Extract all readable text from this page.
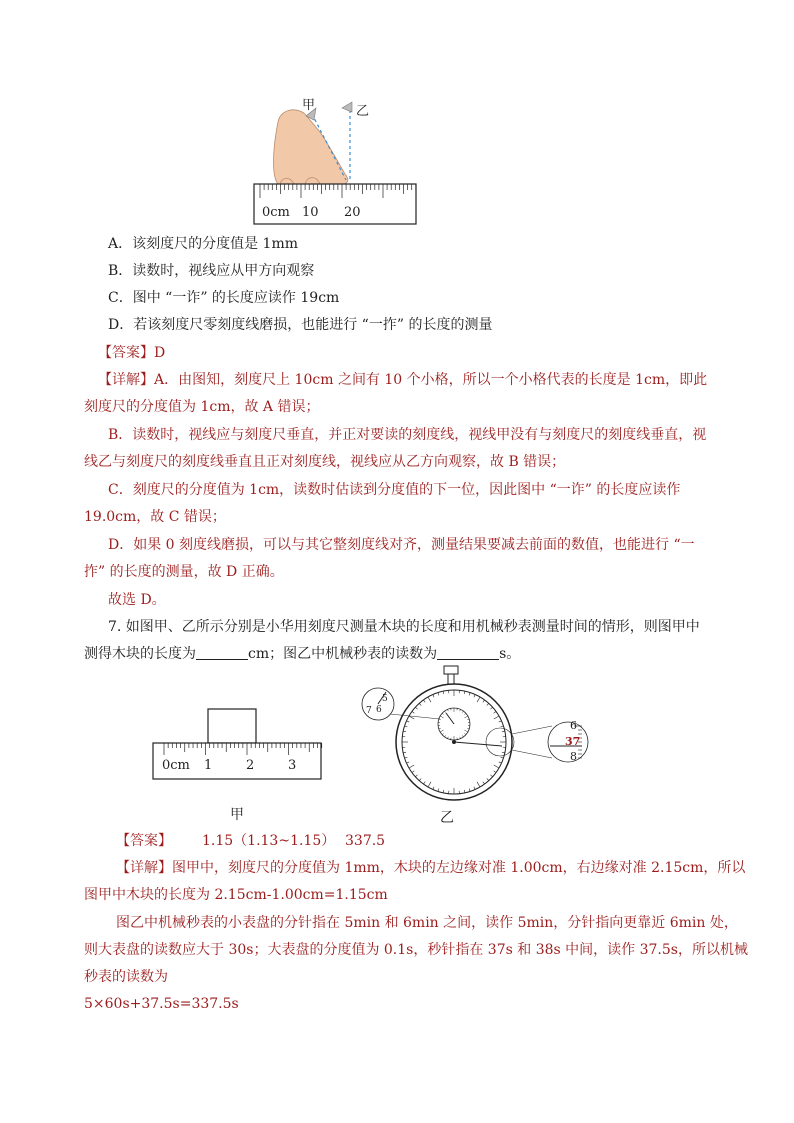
甲	乙
0cm 10 20
A．该刻度尺的分度值是 1mm
B．读数时，视线应从甲方向观察
C．图中 “一诈” 的长度应读作 19cm
D．若该刻度尺零刻度线磨损，也能进行 “一拃” 的长度的测量
【答案】D
【详解】A．由图知，刻度尺上 10cm 之间有 10 个小格，所以一个小格代表的长度是 1cm，即此
刻度尺的分度值为 1cm，故 A 错误；
B．读数时，视线应与刻度尺垂直，并正对要读的刻度线，视线甲没有与刻度尺的刻度线垂直，视
线乙与刻度尺的刻度线垂直且正对刻度线，视线应从乙方向观察，故 B 错误；
C．刻度尺的分度值为 1cm，读数时估读到分度值的下一位，因此图中 “一诈” 的长度应读作
19.0cm，故 C 错误；
D．如果 0 刻度线磨损，可以与其它整刻度线对齐，测量结果要减去前面的数值，也能进行 “一
拃” 的长度的测量，故 D 正确。
故选 D。
7. 如图甲、乙所示分别是小华用刻度尺测量木块的长度和用机械秒表测量时间的情形，则图甲中
测得木块的长度为	cm；图乙中机械秒表的读数为	s。
0cm 1	2	3
甲
5
6
7
6
37
8
乙
【答案】 1.15（1.13~1.15） 337.5
【详解】图甲中，刻度尺的分度值为 1mm，木块的左边缘对准 1.00cm，右边缘对准 2.15cm，所以
图甲中木块的长度为 2.15cm-1.00cm=1.15cm
图乙中机械秒表的小表盘的分针指在 5min 和 6min 之间，读作 5min，分针指向更靠近 6min 处，
则大表盘的读数应大于 30s；大表盘的分度值为 0.1s，秒针指在 37s 和 38s 中间，读作 37.5s，所以机械
秒表的读数为
5×60s+37.5s=337.5s
